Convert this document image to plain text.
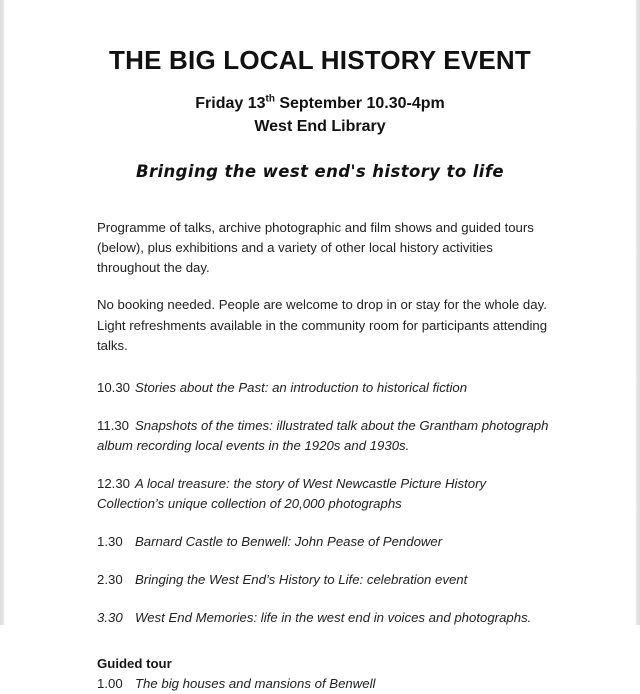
THE BIG LOCAL HISTORY EVENT
Friday 13th September 10.30-4pm
West End Library
Bringing the west end's history to life

Programme of talks, archive photographic and film shows and guided tours (below), plus exhibitions and a variety of other local history activities throughout the day.

No booking needed. People are welcome to drop in or stay for the whole day. Light refreshments available in the community room for participants attending talks.

10.30 Stories about the Past: an introduction to historical fiction

11.30 Snapshots of the times: illustrated talk about the Grantham photograph album recording local events in the 1920s and 1930s.

12.30 A local treasure: the story of West Newcastle Picture History Collection’s unique collection of 20,000 photographs

1.30 Barnard Castle to Benwell: John Pease of Pendower

2.30 Bringing the West End’s History to Life: celebration event

3.30 West End Memories: life in the west end in voices and photographs.

Guided tour

1.00 The big houses and mansions of Benwell
